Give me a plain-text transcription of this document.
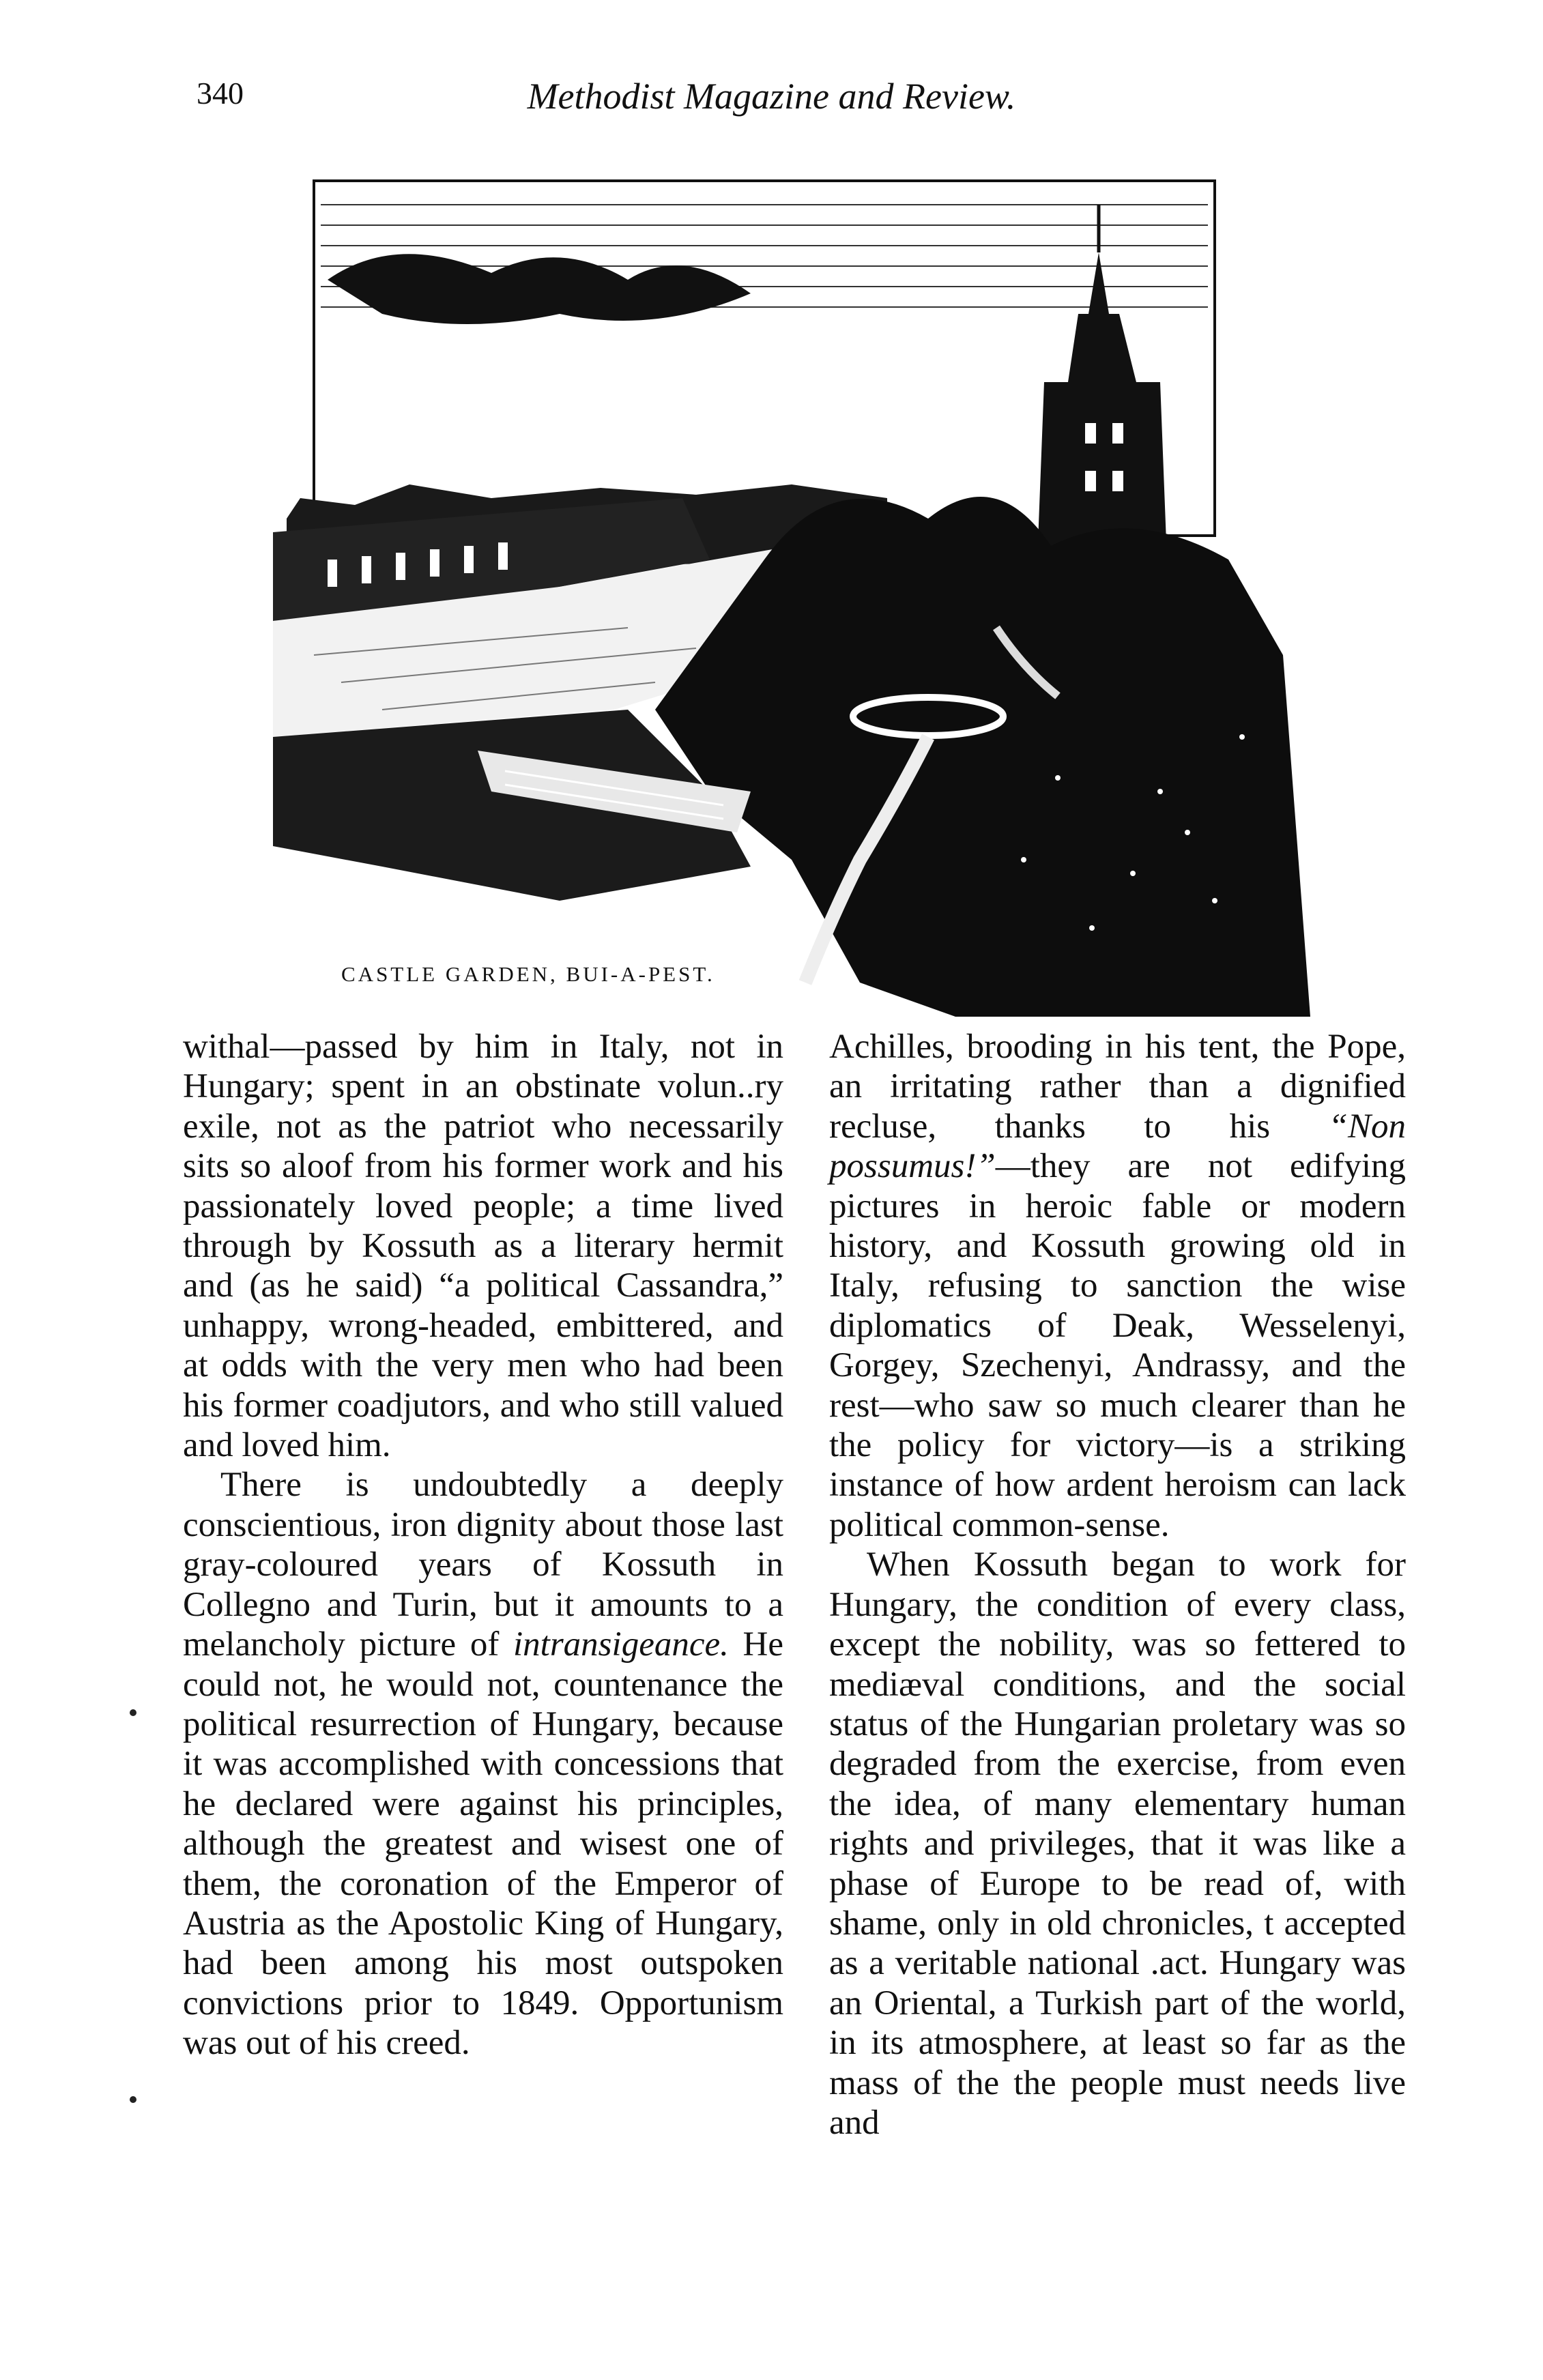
340	Methodist Magazine and Review.
CASTLE GARDEN, BUI-A-PEST.

withal—passed by him in Italy, not in Hungary; spent in an obstinate volun..ry exile, not as the patriot who necessarily sits so aloof from his former work and his passionately loved people; a time lived through by Kossuth as a literary hermit and (as he said) “a political Cassandra,” unhappy, wrong-headed, embittered, and at odds with the very men who had been his former coadjutors, and who still valued and loved him.

There is undoubtedly a deeply conscientious, iron dignity about those last gray-coloured years of Kossuth in Collegno and Turin, but it amounts to a melancholy picture of intransigeance. He could not, he would not, countenance the political resurrection of Hungary, because it was accomplished with concessions that he declared were against his principles, although the greatest and wisest one of them, the coronation of the Emperor of Austria as the Apostolic King of Hungary, had been among his most outspoken convictions prior to 1849. Opportunism was out of his creed.

Achilles, brooding in his tent, the Pope, an irritating rather than a dignified recluse, thanks to his “Non possumus!”—they are not edifying pictures in heroic fable or modern history, and Kossuth growing old in Italy, refusing to sanction the wise diplomatics of Deak, Wesselenyi, Gorgey, Szechenyi, Andrassy, and the rest—who saw so much clearer than he the policy for victory—is a striking instance of how ardent heroism can lack political common-sense.

When Kossuth began to work for Hungary, the condition of every class, except the nobility, was so fettered to mediæval conditions, and the social status of the Hungarian proletary was so degraded from the exercise, from even the idea, of many elementary human rights and privileges, that it was like a phase of Europe to be read of, with shame, only in old chronicles, t accepted as a veritable national .act. Hungary was an Oriental, a Turkish part of the world, in its atmosphere, at least so far as the mass of the the people must needs live and
